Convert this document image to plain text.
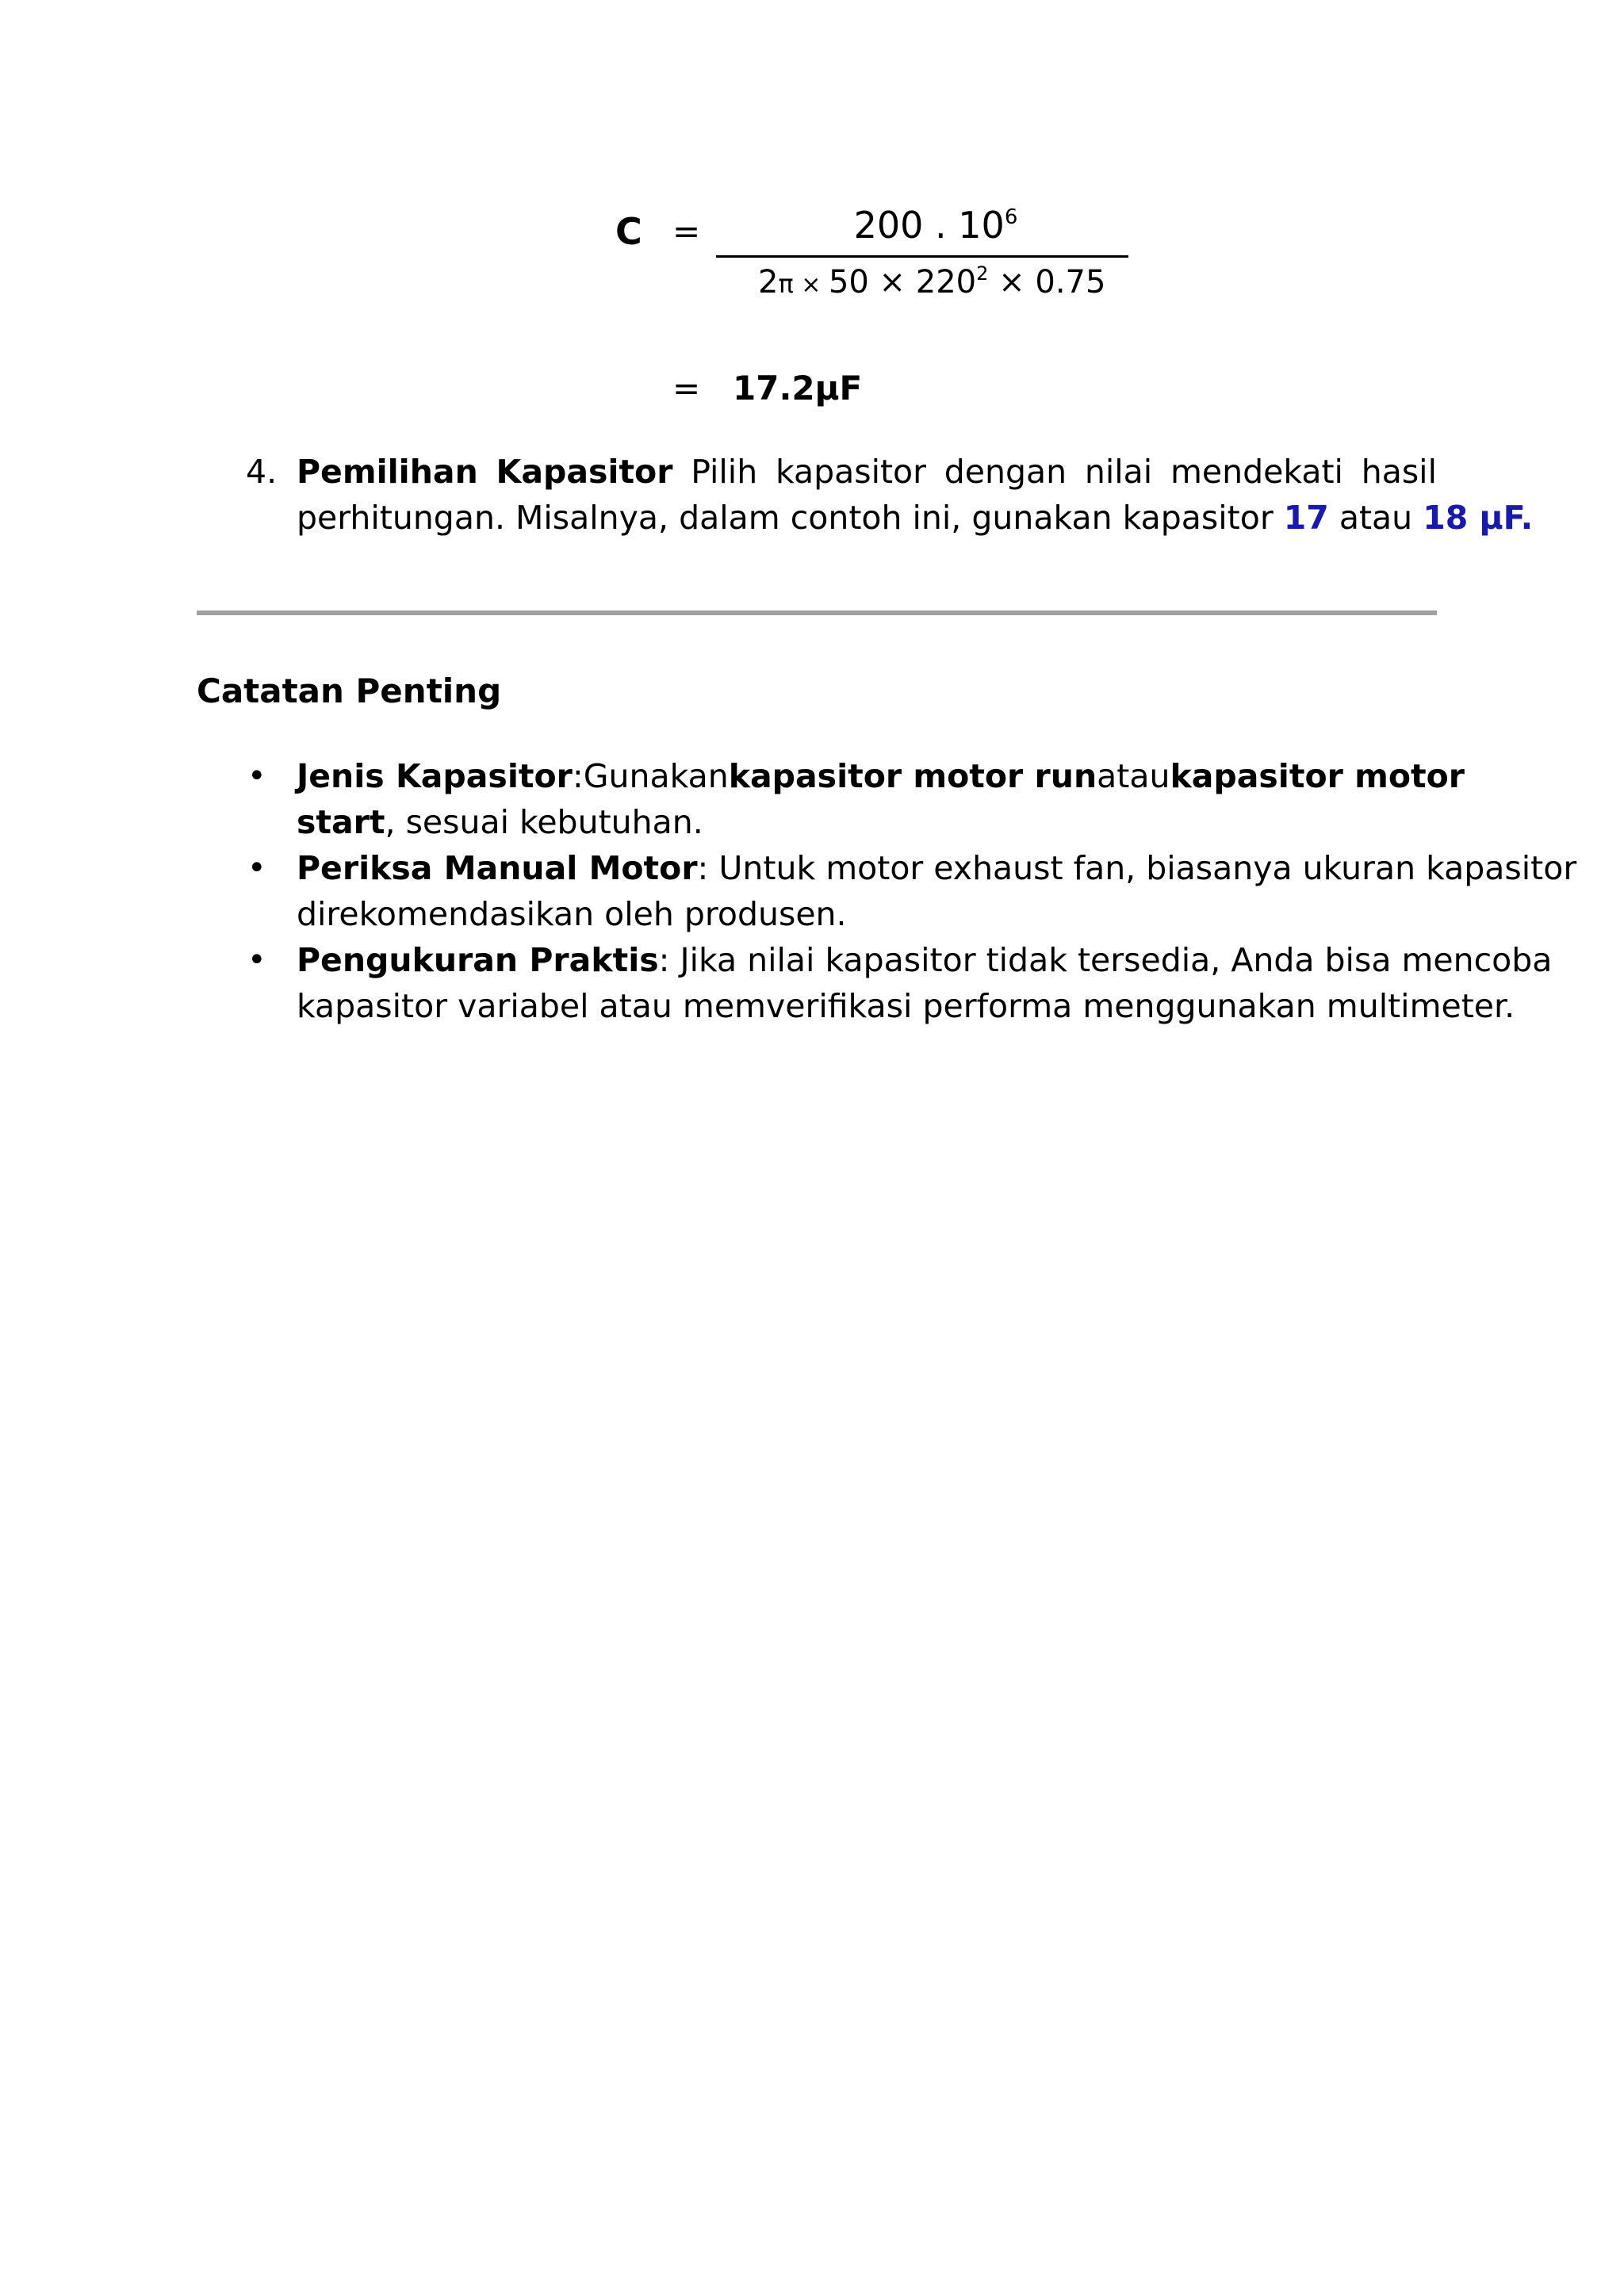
C =	200 . $10^6$
$2\pi \times 50 \times 220^2 \times 0.75$
= 17.2μF
4. Pemilihan Kapasitor Pilih kapasitor dengan nilai mendekati hasil
perhitungan. Misalnya, dalam contoh ini, gunakan kapasitor 17 atau 18 µF.
Catatan Penting
• Jenis Kapasitor: Gunakan kapasitor motor run atau kapasitor motor
start, sesuai kebutuhan.
• Periksa Manual Motor: Untuk motor exhaust fan, biasanya ukuran kapasitor
direkomendasikan oleh produsen.
• Pengukuran Praktis: Jika nilai kapasitor tidak tersedia, Anda bisa mencoba
kapasitor variabel atau memverifikasi performa menggunakan multimeter.
